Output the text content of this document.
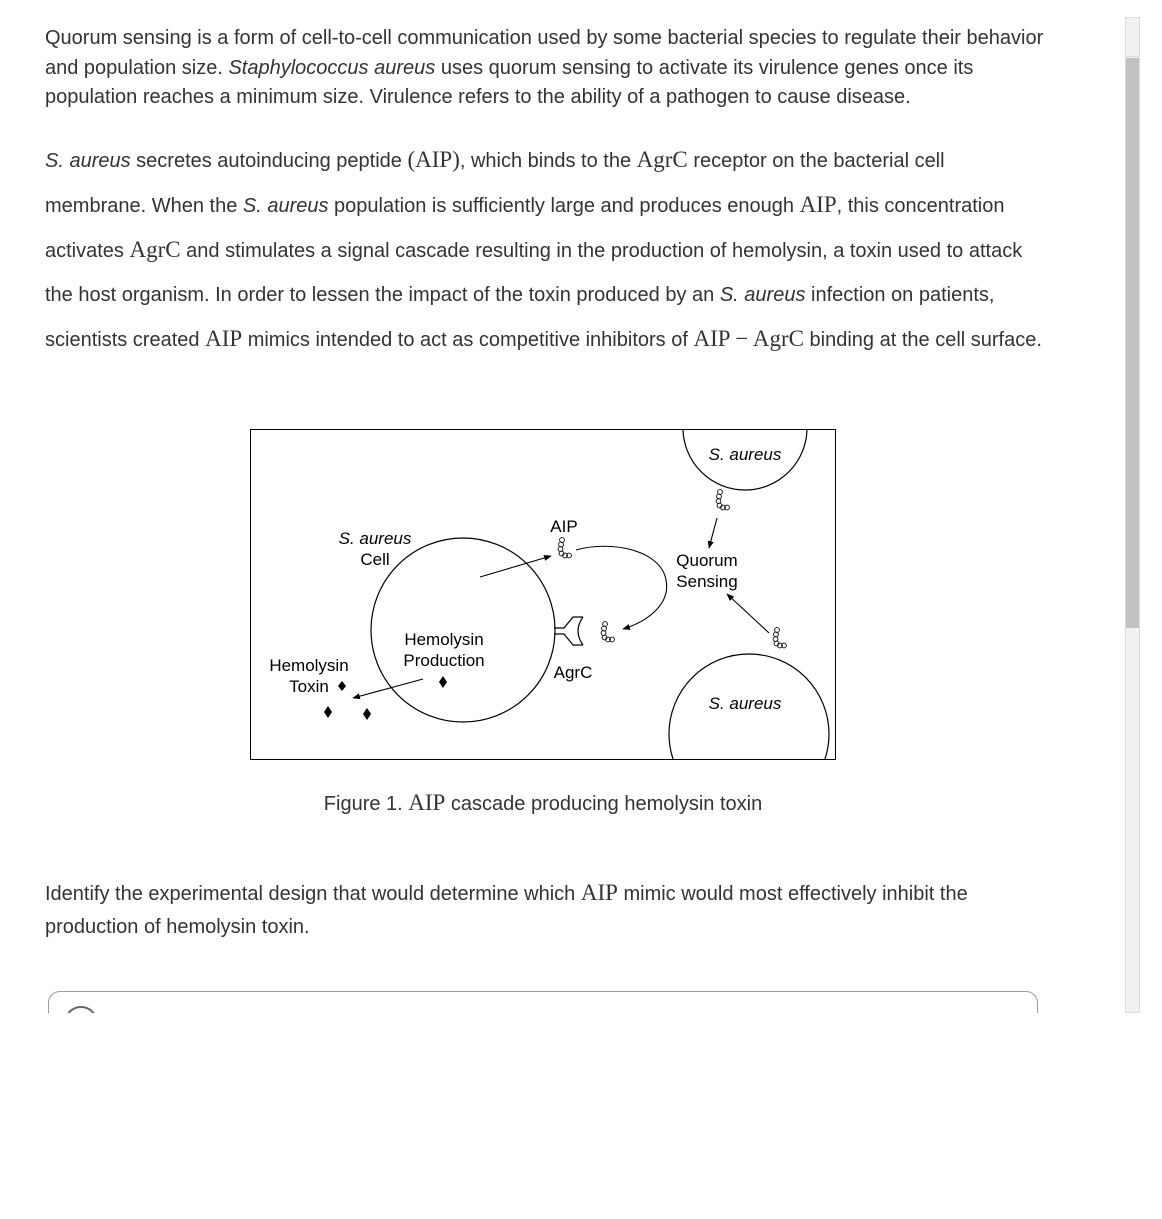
Quorum sensing is a form of cell-to-cell communication used by some bacterial species to regulate their behavior and population size. Staphylococcus aureus uses quorum sensing to activate its virulence genes once its population reaches a minimum size. Virulence refers to the ability of a pathogen to cause disease.

S. aureus secretes autoinducing peptide (AIP), which binds to the AgrC receptor on the bacterial cell membrane. When the S. aureus population is sufficiently large and produces enough AIP, this concentration activates AgrC and stimulates a signal cascade resulting in the production of hemolysin, a toxin used to attack the host organism. In order to lessen the impact of the toxin produced by an S. aureus infection on patients, scientists created AIP mimics intended to act as competitive inhibitors of AIP − AgrC binding at the cell surface.

S. aureus
Cell
AIP
Hemolysin
Production
AgrC
Hemolysin
Toxin
Quorum
Sensing
S. aureus
S. aureus
Figure 1. AIP cascade producing hemolysin toxin
Identify the experimental design that would determine which AIP mimic would most effectively inhibit the production of hemolysin toxin.
